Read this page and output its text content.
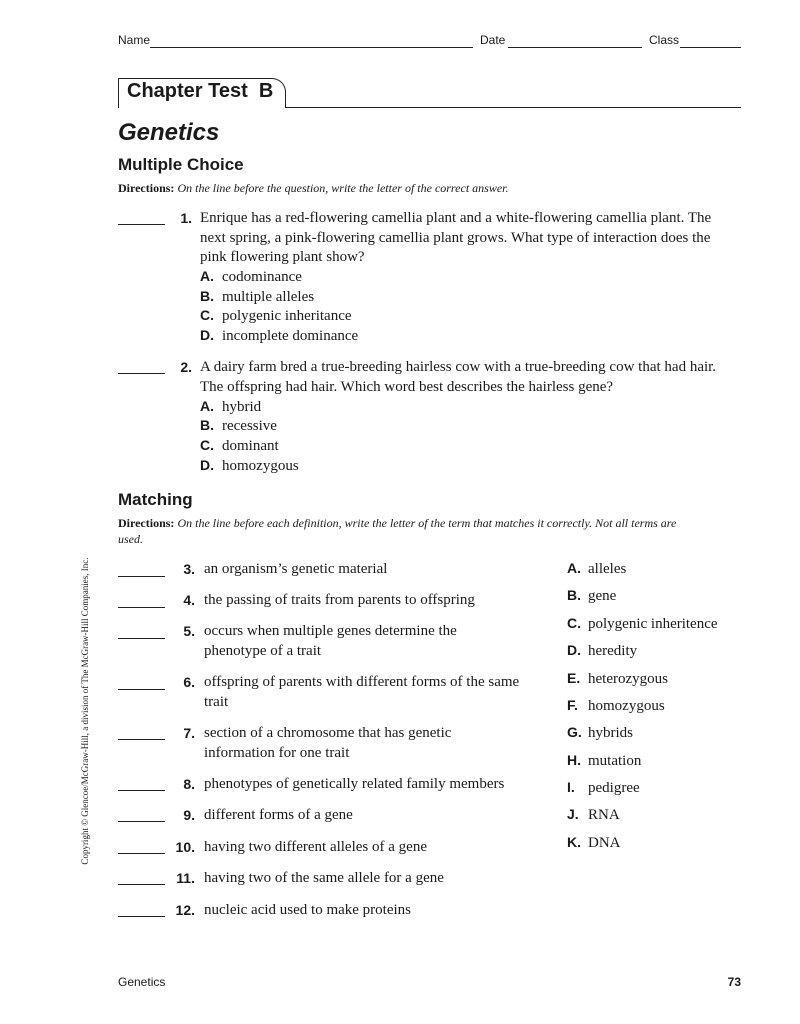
Name	Date	Class
Chapter Test  B
Genetics
Multiple Choice
Directions: On the line before the question, write the letter of the correct answer.
1. Enrique has a red-flowering camellia plant and a white-flowering camellia plant. The next spring, a pink-flowering camellia plant grows. What type of interaction does the pink flowering plant show?
A. codominance
B. multiple alleles
C. polygenic inheritance
D. incomplete dominance
2. A dairy farm bred a true-breeding hairless cow with a true-breeding cow that had hair. The offspring had hair. Which word best describes the hairless gene?
A. hybrid
B. recessive
C. dominant
D. homozygous
Matching
Directions: On the line before each definition, write the letter of the term that matches it correctly. Not all terms are used.
3. an organism’s genetic material
4. the passing of traits from parents to offspring
5. occurs when multiple genes determine the phenotype of a trait
6. offspring of parents with different forms of the same trait
7. section of a chromosome that has genetic information for one trait
8. phenotypes of genetically related family members
9. different forms of a gene
10. having two different alleles of a gene
11. having two of the same allele for a gene
12. nucleic acid used to make proteins
A. alleles
B. gene
C. polygenic inheritence
D. heredity
E. heterozygous
F. homozygous
G. hybrids
H. mutation
I. pedigree
J. RNA
K. DNA
Copyright © Glencoe/McGraw-Hill, a division of The McGraw-Hill Companies, Inc.
Genetics	73
